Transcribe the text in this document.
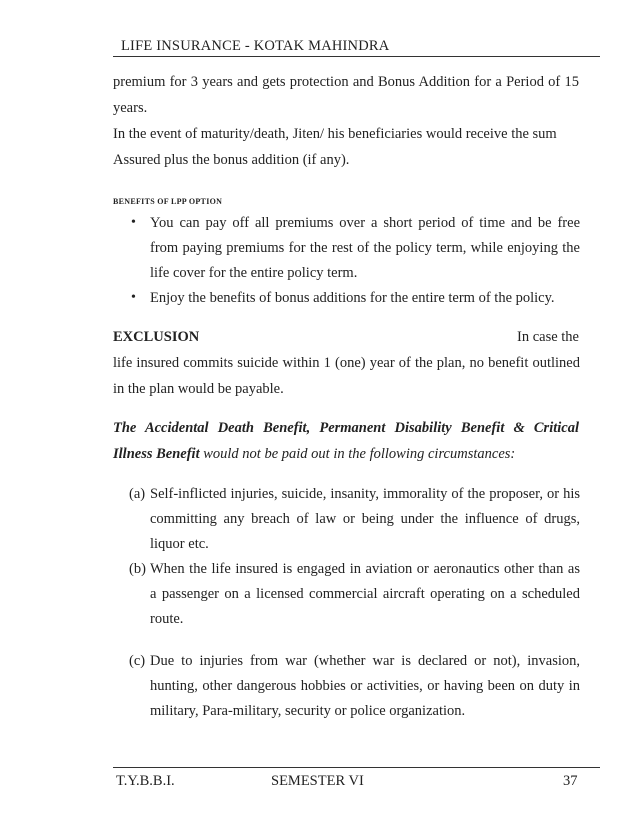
LIFE INSURANCE - KOTAK MAHINDRA
premium for 3 years and gets protection and Bonus Addition for a Period of 15
years.
In the event of maturity/death, Jiten/ his beneficiaries would receive the sum
Assured plus the bonus addition (if any).
BENEFITS OF LPP OPTION
• You can pay off all premiums over a short period of time and be free
from paying premiums for the rest of the policy term, while enjoying the
life cover for the entire policy term.
• Enjoy the benefits of bonus additions for the entire term of the policy.
EXCLUSION	In case the
life insured commits suicide within 1 (one) year of the plan, no benefit outlined
in the plan would be payable.
The Accidental Death Benefit, Permanent Disability Benefit & Critical
Illness Benefit would not be paid out in the following circumstances:
(a) Self-inflicted injuries, suicide, insanity, immorality of the proposer, or his
committing any breach of law or being under the influence of drugs,
liquor etc.
(b) When the life insured is engaged in aviation or aeronautics other than as
a passenger on a licensed commercial aircraft operating on a scheduled
route.
(c) Due to injuries from war (whether war is declared or not), invasion,
hunting, other dangerous hobbies or activities, or having been on duty in
military, Para-military, security or police organization.
T.Y.B.B.I.	SEMESTER VI	37
